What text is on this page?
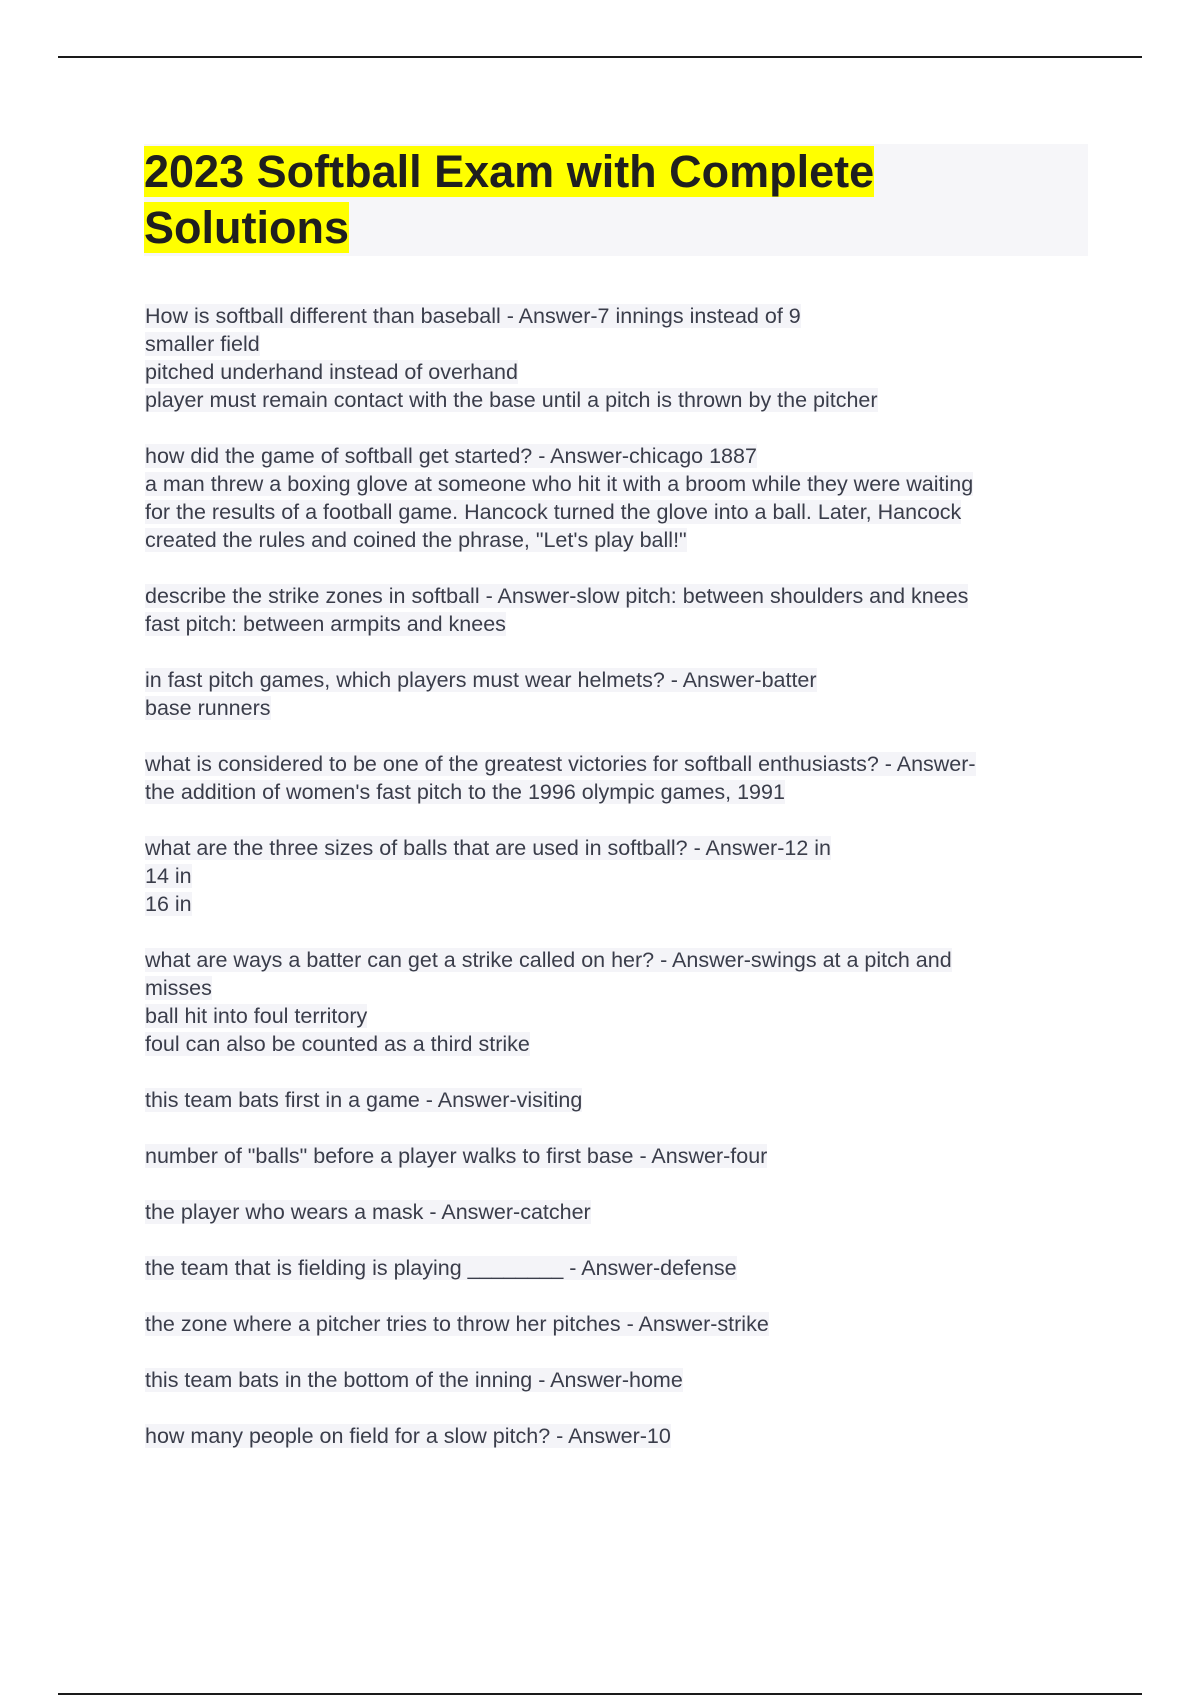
2023 Softball Exam with Complete
Solutions
How is softball different than baseball - Answer-7 innings instead of 9
smaller field
pitched underhand instead of overhand
player must remain contact with the base until a pitch is thrown by the pitcher
how did the game of softball get started? - Answer-chicago 1887
a man threw a boxing glove at someone who hit it with a broom while they were waiting
for the results of a football game. Hancock turned the glove into a ball. Later, Hancock
created the rules and coined the phrase, "Let's play ball!"
describe the strike zones in softball - Answer-slow pitch: between shoulders and knees
fast pitch: between armpits and knees
in fast pitch games, which players must wear helmets? - Answer-batter
base runners
what is considered to be one of the greatest victories for softball enthusiasts? - Answer-
the addition of women's fast pitch to the 1996 olympic games, 1991
what are the three sizes of balls that are used in softball? - Answer-12 in
14 in
16 in
what are ways a batter can get a strike called on her? - Answer-swings at a pitch and
misses
ball hit into foul territory
foul can also be counted as a third strike
this team bats first in a game - Answer-visiting
number of "balls" before a player walks to first base - Answer-four
the player who wears a mask - Answer-catcher
the team that is fielding is playing ________ - Answer-defense
the zone where a pitcher tries to throw her pitches - Answer-strike
this team bats in the bottom of the inning - Answer-home
how many people on field for a slow pitch? - Answer-10
